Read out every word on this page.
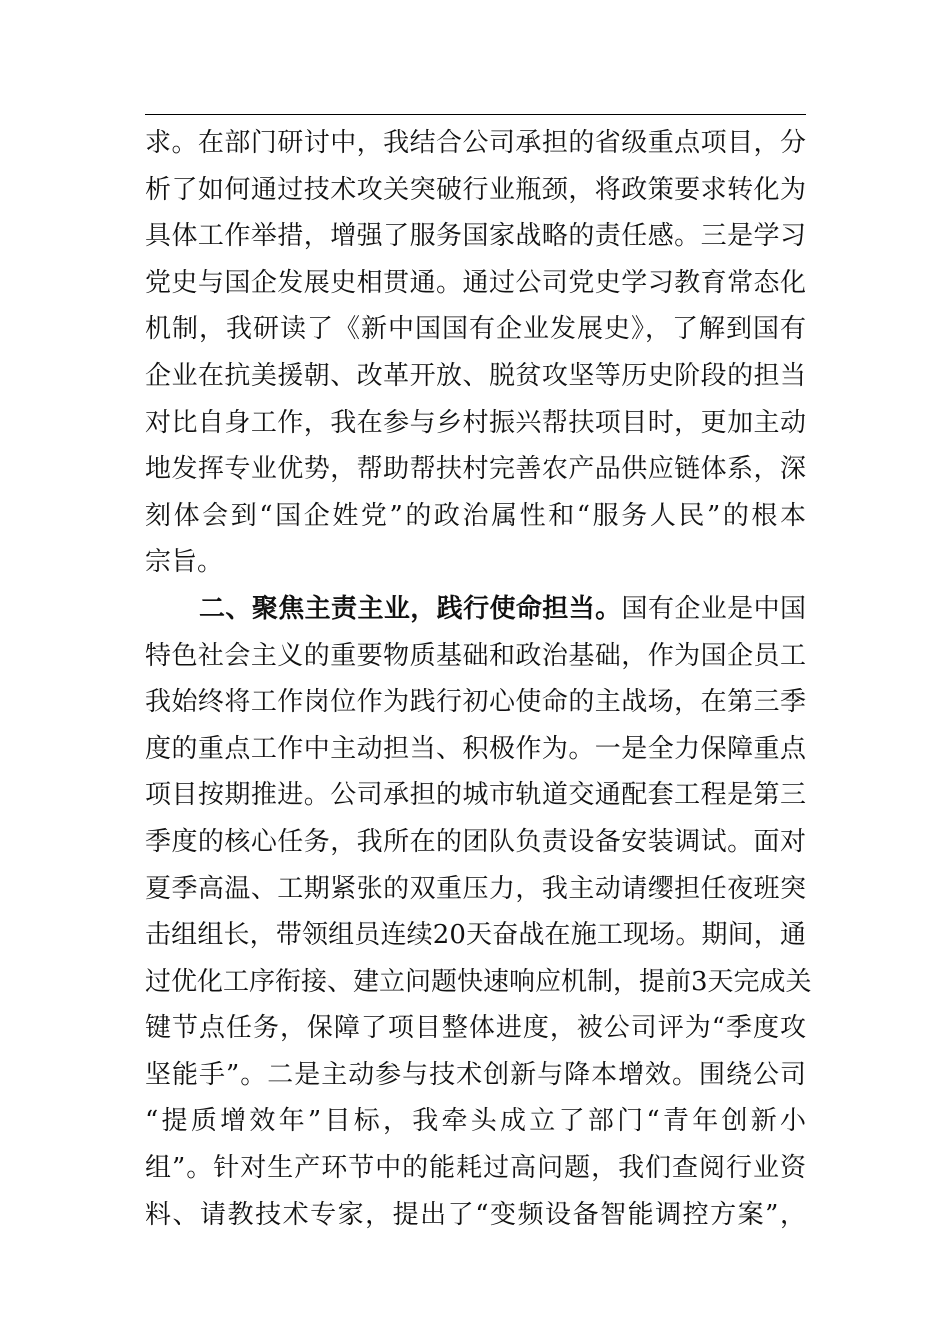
求。在部门研讨中，我结合公司承担的省级重点项目，分
析了如何通过技术攻关突破行业瓶颈，将政策要求转化为
具体工作举措，增强了服务国家战略的责任感。三是学习
党史与国企发展史相贯通。通过公司党史学习教育常态化
机制，我研读了《新中国国有企业发展史》，了解到国有
企业在抗美援朝、改革开放、脱贫攻坚等历史阶段的担当
对比自身工作，我在参与乡村振兴帮扶项目时，更加主动
地发挥专业优势，帮助帮扶村完善农产品供应链体系，深
刻体会到“国企姓党”的政治属性和“服务人民”的根本
宗旨。
二、聚焦主责主业，践行使命担当。国有企业是中国
特色社会主义的重要物质基础和政治基础，作为国企员工
我始终将工作岗位作为践行初心使命的主战场，在第三季
度的重点工作中主动担当、积极作为。一是全力保障重点
项目按期推进。公司承担的城市轨道交通配套工程是第三
季度的核心任务，我所在的团队负责设备安装调试。面对
夏季高温、工期紧张的双重压力，我主动请缨担任夜班突
击组组长，带领组员连续20天奋战在施工现场。期间，通
过优化工序衔接、建立问题快速响应机制，提前3天完成关
键节点任务，保障了项目整体进度，被公司评为“季度攻
坚能手”。二是主动参与技术创新与降本增效。围绕公司
“提质增效年”目标，我牵头成立了部门“青年创新小
组”。针对生产环节中的能耗过高问题，我们查阅行业资
料、请教技术专家，提出了“变频设备智能调控方案”，
